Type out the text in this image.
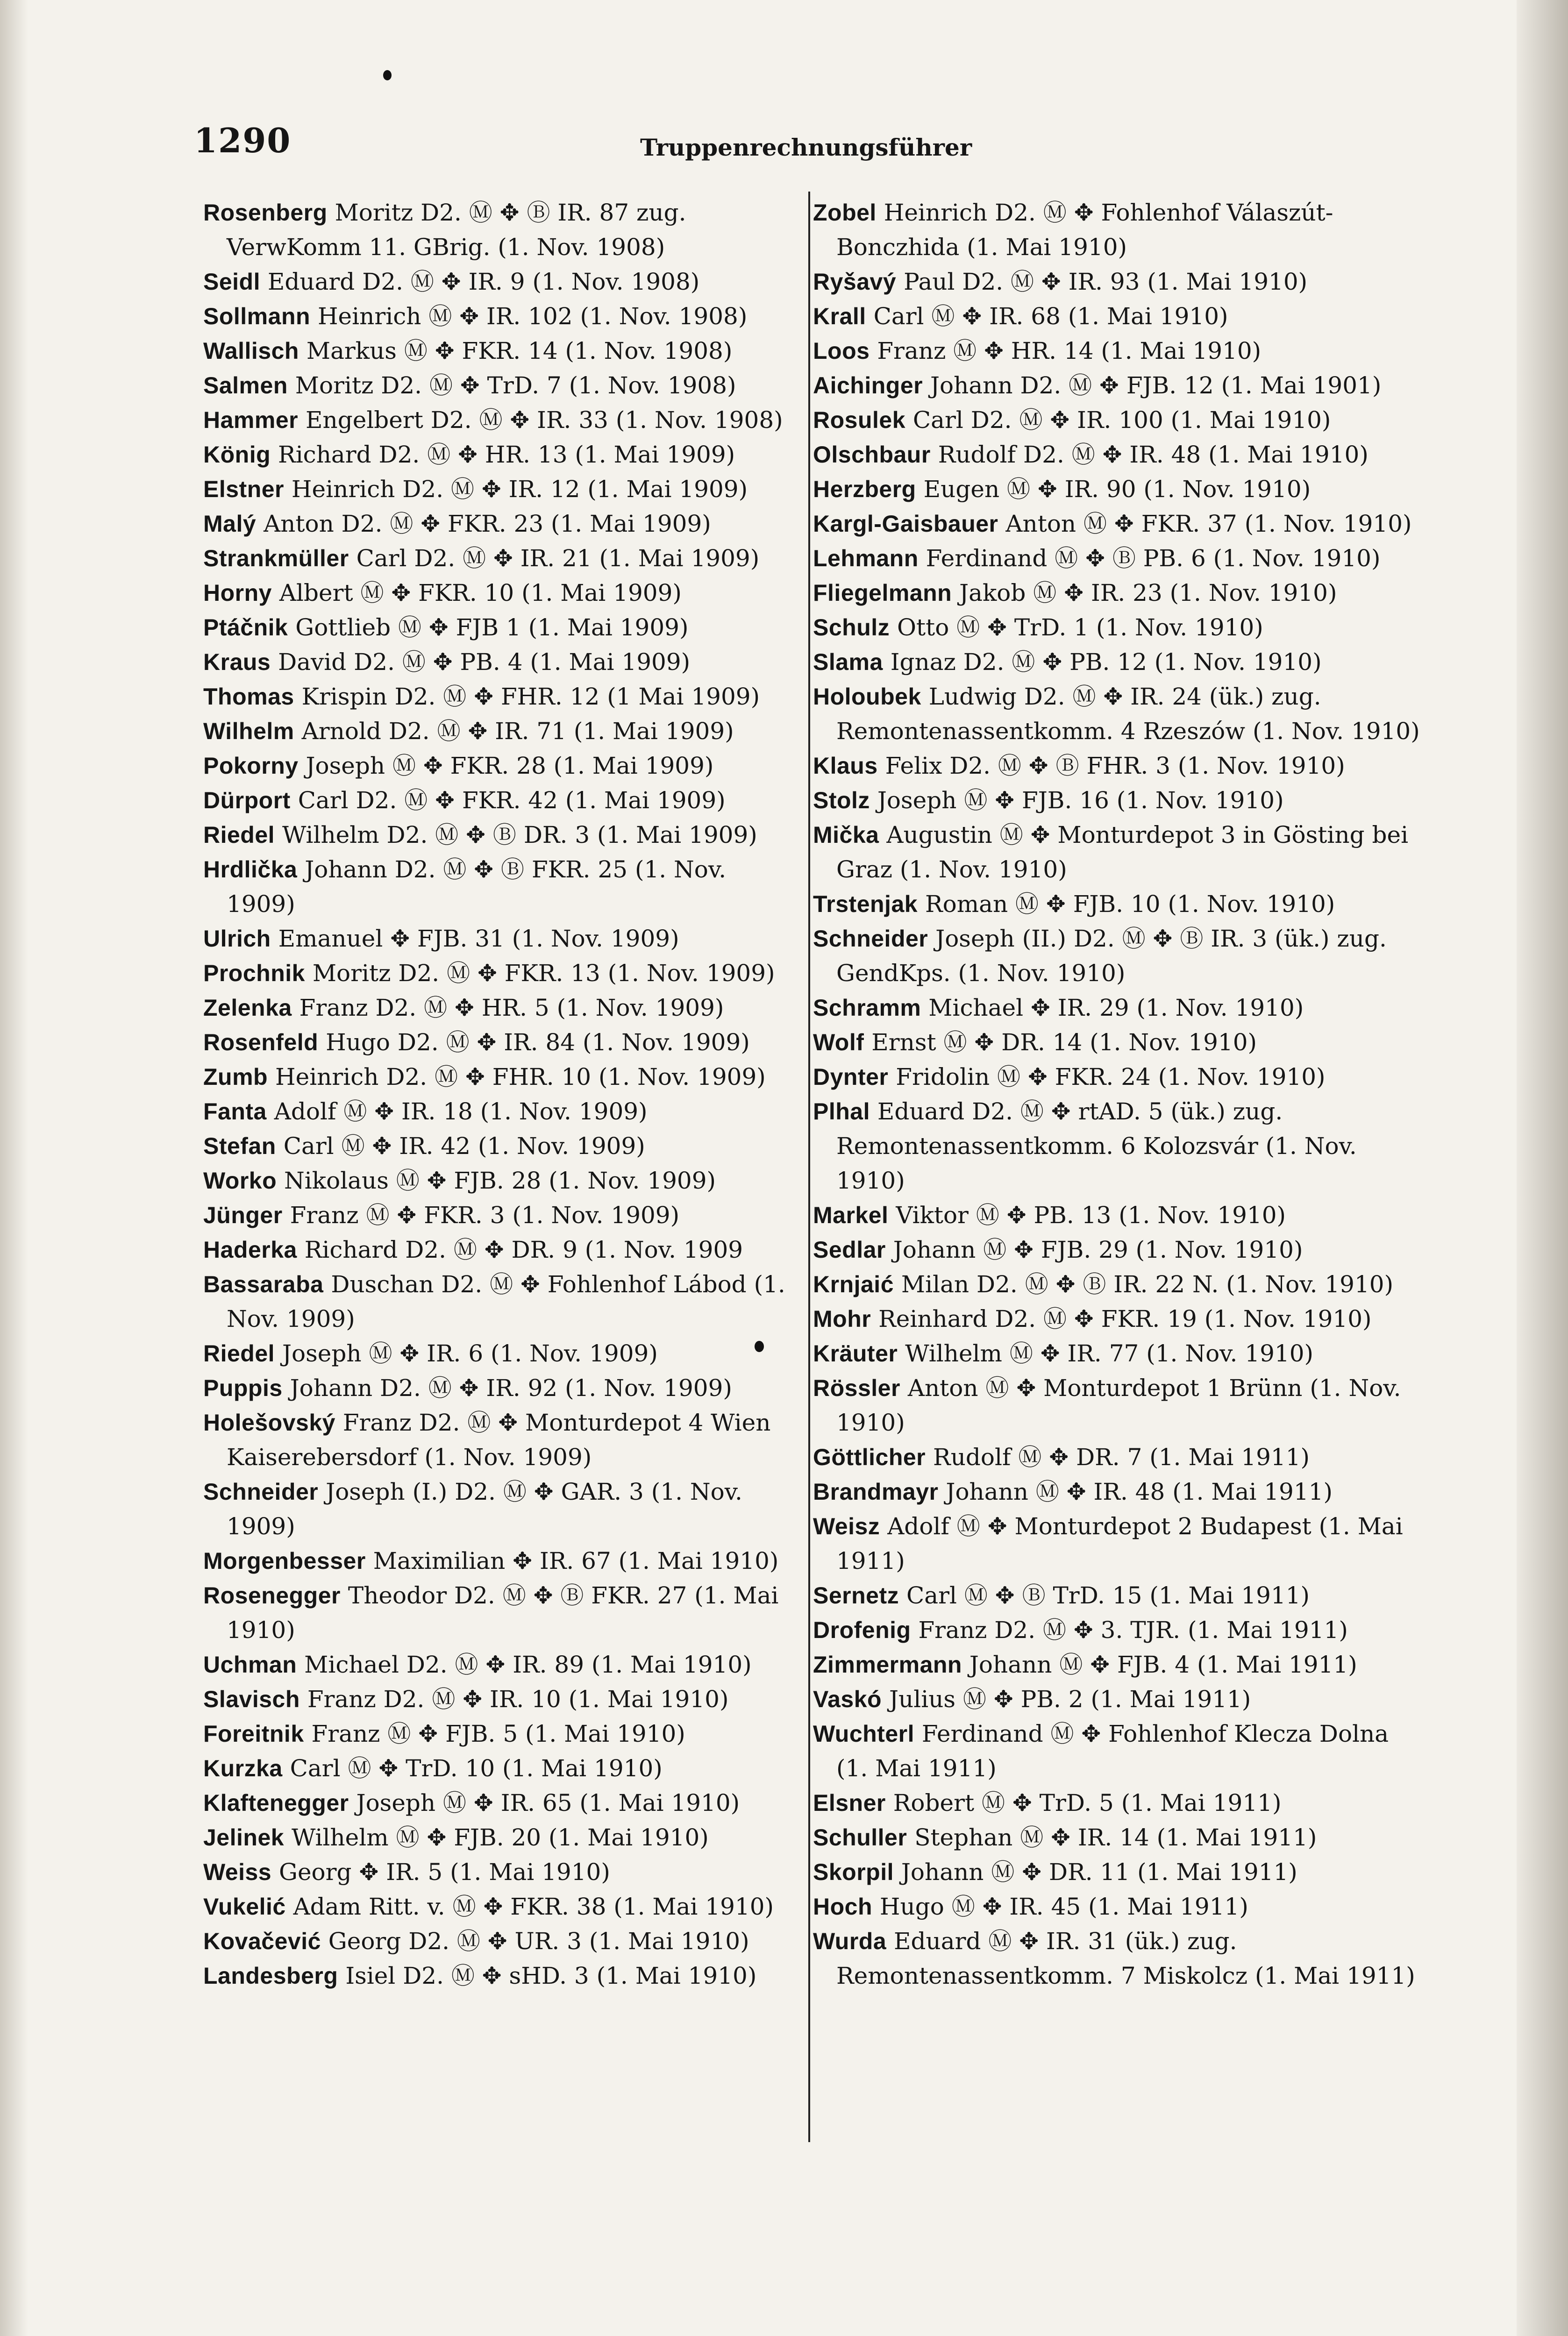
1290	Truppenrechnungsführer

Rosenberg Moritz D2. Ⓜ ✥ Ⓑ IR. 87 zug. VerwKomm 11. GBrig. (1. Nov. 1908)

Seidl Eduard D2. Ⓜ ✥ IR. 9 (1. Nov. 1908)

Sollmann Heinrich Ⓜ ✥ IR. 102 (1. Nov. 1908)

Wallisch Markus Ⓜ ✥ FKR. 14 (1. Nov. 1908)

Salmen Moritz D2. Ⓜ ✥ TrD. 7 (1. Nov. 1908)

Hammer Engelbert D2. Ⓜ ✥ IR. 33 (1. Nov. 1908)

König Richard D2. Ⓜ ✥ HR. 13 (1. Mai 1909)

Elstner Heinrich D2. Ⓜ ✥ IR. 12 (1. Mai 1909)

Malý Anton D2. Ⓜ ✥ FKR. 23 (1. Mai 1909)

Strankmüller Carl D2. Ⓜ ✥ IR. 21 (1. Mai 1909)

Horny Albert Ⓜ ✥ FKR. 10 (1. Mai 1909)

Ptáčnik Gottlieb Ⓜ ✥ FJB 1 (1. Mai 1909)

Kraus David D2. Ⓜ ✥ PB. 4 (1. Mai 1909)

Thomas Krispin D2. Ⓜ ✥ FHR. 12 (1 Mai 1909)

Wilhelm Arnold D2. Ⓜ ✥ IR. 71 (1. Mai 1909)

Pokorny Joseph Ⓜ ✥ FKR. 28 (1. Mai 1909)

Dürport Carl D2. Ⓜ ✥ FKR. 42 (1. Mai 1909)

Riedel Wilhelm D2. Ⓜ ✥ Ⓑ DR. 3 (1. Mai 1909)

Hrdlička Johann D2. Ⓜ ✥ Ⓑ FKR. 25 (1. Nov. 1909)

Ulrich Emanuel ✥ FJB. 31 (1. Nov. 1909)

Prochnik Moritz D2. Ⓜ ✥ FKR. 13 (1. Nov. 1909)

Zelenka Franz D2. Ⓜ ✥ HR. 5 (1. Nov. 1909)

Rosenfeld Hugo D2. Ⓜ ✥ IR. 84 (1. Nov. 1909)

Zumb Heinrich D2. Ⓜ ✥ FHR. 10 (1. Nov. 1909)

Fanta Adolf Ⓜ ✥ IR. 18 (1. Nov. 1909)

Stefan Carl Ⓜ ✥ IR. 42 (1. Nov. 1909)

Worko Nikolaus Ⓜ ✥ FJB. 28 (1. Nov. 1909)

Jünger Franz Ⓜ ✥ FKR. 3 (1. Nov. 1909)

Haderka Richard D2. Ⓜ ✥ DR. 9 (1. Nov. 1909

Bassaraba Duschan D2. Ⓜ ✥ Fohlenhof Lábod (1. Nov. 1909)

Riedel Joseph Ⓜ ✥ IR. 6 (1. Nov. 1909)

Puppis Johann D2. Ⓜ ✥ IR. 92 (1. Nov. 1909)

Holešovský Franz D2. Ⓜ ✥ Monturdepot 4 Wien Kaiserebersdorf (1. Nov. 1909)

Schneider Joseph (I.) D2. Ⓜ ✥ GAR. 3 (1. Nov. 1909)

Morgenbesser Maximilian ✥ IR. 67 (1. Mai 1910)

Rosenegger Theodor D2. Ⓜ ✥ Ⓑ FKR. 27 (1. Mai 1910)

Uchman Michael D2. Ⓜ ✥ IR. 89 (1. Mai 1910)

Slavisch Franz D2. Ⓜ ✥ IR. 10 (1. Mai 1910)

Foreitnik Franz Ⓜ ✥ FJB. 5 (1. Mai 1910)

Kurzka Carl Ⓜ ✥ TrD. 10 (1. Mai 1910)

Klaftenegger Joseph Ⓜ ✥ IR. 65 (1. Mai 1910)

Jelinek Wilhelm Ⓜ ✥ FJB. 20 (1. Mai 1910)

Weiss Georg ✥ IR. 5 (1. Mai 1910)

Vukelić Adam Ritt. v. Ⓜ ✥ FKR. 38 (1. Mai 1910)

Kovačević Georg D2. Ⓜ ✥ UR. 3 (1. Mai 1910)

Landesberg Isiel D2. Ⓜ ✥ sHD. 3 (1. Mai 1910)

Zobel Heinrich D2. Ⓜ ✥ Fohlenhof Válaszút-Bonczhida (1. Mai 1910)

Ryšavý Paul D2. Ⓜ ✥ IR. 93 (1. Mai 1910)

Krall Carl Ⓜ ✥ IR. 68 (1. Mai 1910)

Loos Franz Ⓜ ✥ HR. 14 (1. Mai 1910)

Aichinger Johann D2. Ⓜ ✥ FJB. 12 (1. Mai 1901)

Rosulek Carl D2. Ⓜ ✥ IR. 100 (1. Mai 1910)

Olschbaur Rudolf D2. Ⓜ ✥ IR. 48 (1. Mai 1910)

Herzberg Eugen Ⓜ ✥ IR. 90 (1. Nov. 1910)

Kargl-Gaisbauer Anton Ⓜ ✥ FKR. 37 (1. Nov. 1910)

Lehmann Ferdinand Ⓜ ✥ Ⓑ PB. 6 (1. Nov. 1910)

Fliegelmann Jakob Ⓜ ✥ IR. 23 (1. Nov. 1910)

Schulz Otto Ⓜ ✥ TrD. 1 (1. Nov. 1910)

Slama Ignaz D2. Ⓜ ✥ PB. 12 (1. Nov. 1910)

Holoubek Ludwig D2. Ⓜ ✥ IR. 24 (ük.) zug. Remontenassentkomm. 4 Rzeszów (1. Nov. 1910)

Klaus Felix D2. Ⓜ ✥ Ⓑ FHR. 3 (1. Nov. 1910)

Stolz Joseph Ⓜ ✥ FJB. 16 (1. Nov. 1910)

Mička Augustin Ⓜ ✥ Monturdepot 3 in Gösting bei Graz (1. Nov. 1910)

Trstenjak Roman Ⓜ ✥ FJB. 10 (1. Nov. 1910)

Schneider Joseph (II.) D2. Ⓜ ✥ Ⓑ IR. 3 (ük.) zug. GendKps. (1. Nov. 1910)

Schramm Michael ✥ IR. 29 (1. Nov. 1910)

Wolf Ernst Ⓜ ✥ DR. 14 (1. Nov. 1910)

Dynter Fridolin Ⓜ ✥ FKR. 24 (1. Nov. 1910)

Plhal Eduard D2. Ⓜ ✥ rtAD. 5 (ük.) zug. Remontenassentkomm. 6 Kolozsvár (1. Nov. 1910)

Markel Viktor Ⓜ ✥ PB. 13 (1. Nov. 1910)

Sedlar Johann Ⓜ ✥ FJB. 29 (1. Nov. 1910)

Krnjaić Milan D2. Ⓜ ✥ Ⓑ IR. 22 N. (1. Nov. 1910)

Mohr Reinhard D2. Ⓜ ✥ FKR. 19 (1. Nov. 1910)

Kräuter Wilhelm Ⓜ ✥ IR. 77 (1. Nov. 1910)

Rössler Anton Ⓜ ✥ Monturdepot 1 Brünn (1. Nov. 1910)

Göttlicher Rudolf Ⓜ ✥ DR. 7 (1. Mai 1911)

Brandmayr Johann Ⓜ ✥ IR. 48 (1. Mai 1911)

Weisz Adolf Ⓜ ✥ Monturdepot 2 Budapest (1. Mai 1911)

Sernetz Carl Ⓜ ✥ Ⓑ TrD. 15 (1. Mai 1911)

Drofenig Franz D2. Ⓜ ✥ 3. TJR. (1. Mai 1911)

Zimmermann Johann Ⓜ ✥ FJB. 4 (1. Mai 1911)

Vaskó Julius Ⓜ ✥ PB. 2 (1. Mai 1911)

Wuchterl Ferdinand Ⓜ ✥ Fohlenhof Klecza Dolna (1. Mai 1911)

Elsner Robert Ⓜ ✥ TrD. 5 (1. Mai 1911)

Schuller Stephan Ⓜ ✥ IR. 14 (1. Mai 1911)

Skorpil Johann Ⓜ ✥ DR. 11 (1. Mai 1911)

Hoch Hugo Ⓜ ✥ IR. 45 (1. Mai 1911)

Wurda Eduard Ⓜ ✥ IR. 31 (ük.) zug. Remontenassentkomm. 7 Miskolcz (1. Mai 1911)
